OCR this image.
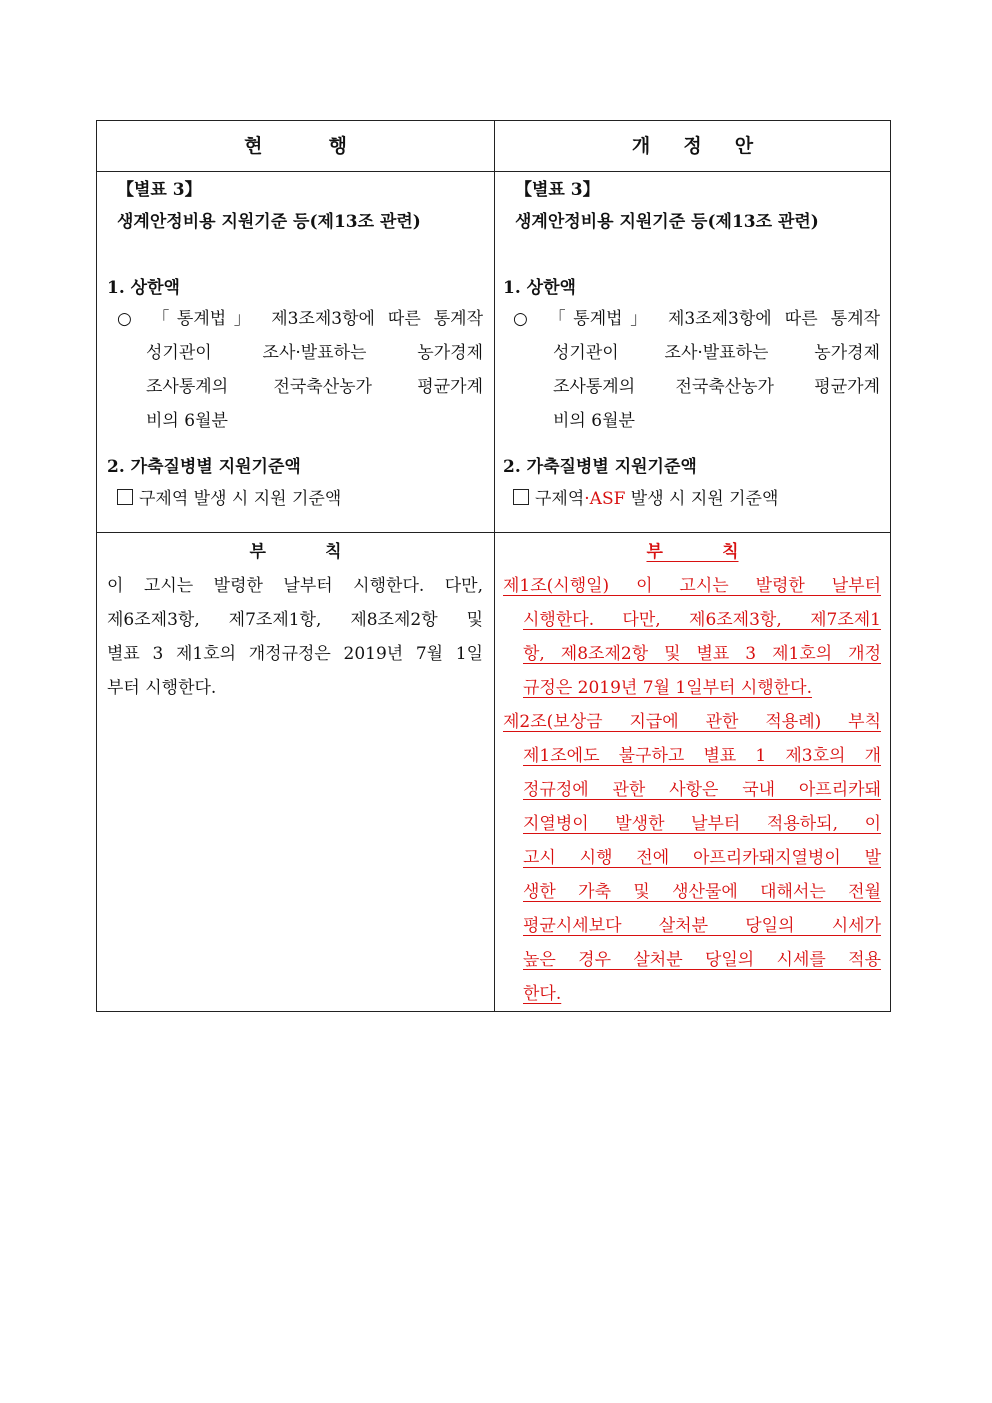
현          행	개     정     안
【별표 3】
생계안정비용 지원기준 등(제13조 관련)
1. 상한액
○ 「통계법」 제3조제3항에 따른 통계작
성기관이 조사·발표하는 농가경제
조사통계의 전국축산농가 평균가계
비의 6월분
2. 가축질병별 지원기준액
구제역 발생 시 지원 기준액
【별표 3】
생계안정비용 지원기준 등(제13조 관련)
1. 상한액
○ 「통계법」 제3조제3항에 따른 통계작
성기관이 조사·발표하는 농가경제
조사통계의 전국축산농가 평균가계
비의 6월분
2. 가축질병별 지원기준액
구제역·ASF 발생 시 지원 기준액
부          칙
이 고시는 발령한 날부터 시행한다. 다만,
제6조제3항, 제7조제1항, 제8조제2항 및
별표 3 제1호의 개정규정은 2019년 7월 1일
부터 시행한다.
부          칙
제1조(시행일) 이 고시는 발령한 날부터
시행한다. 다만, 제6조제3항, 제7조제1
항, 제8조제2항 및 별표 3 제1호의 개정
규정은 2019년 7월 1일부터 시행한다.
제2조(보상금 지급에 관한 적용례) 부칙
제1조에도 불구하고 별표 1 제3호의 개
정규정에 관한 사항은 국내 아프리카돼
지열병이 발생한 날부터 적용하되, 이
고시 시행 전에 아프리카돼지열병이 발
생한 가축 및 생산물에 대해서는 전월
평균시세보다 살처분 당일의 시세가
높은 경우 살처분 당일의 시세를 적용
한다.
